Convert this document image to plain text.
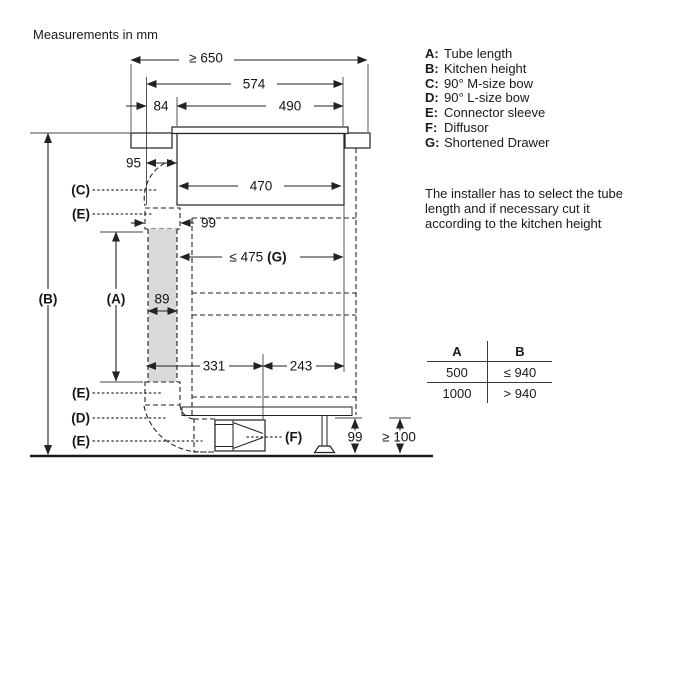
Measurements in mm
≥ 650
574
84	490
95
470
99
≤ 475 (G)
89
331	243
99 ≥ 100
(B)	(A)
(C)
(E)
(E)
(D)
(E)	(F)
A: Tube length
B: Kitchen height
C: 90° M-size bow
D: 90° L-size bow
E: Connector sleeve
F: Diffusor
G: Shortened Drawer
The installer has to select the tube
length and if necessary cut it
according to the kitchen height
A	B
500	≤ 940
1000	> 940
